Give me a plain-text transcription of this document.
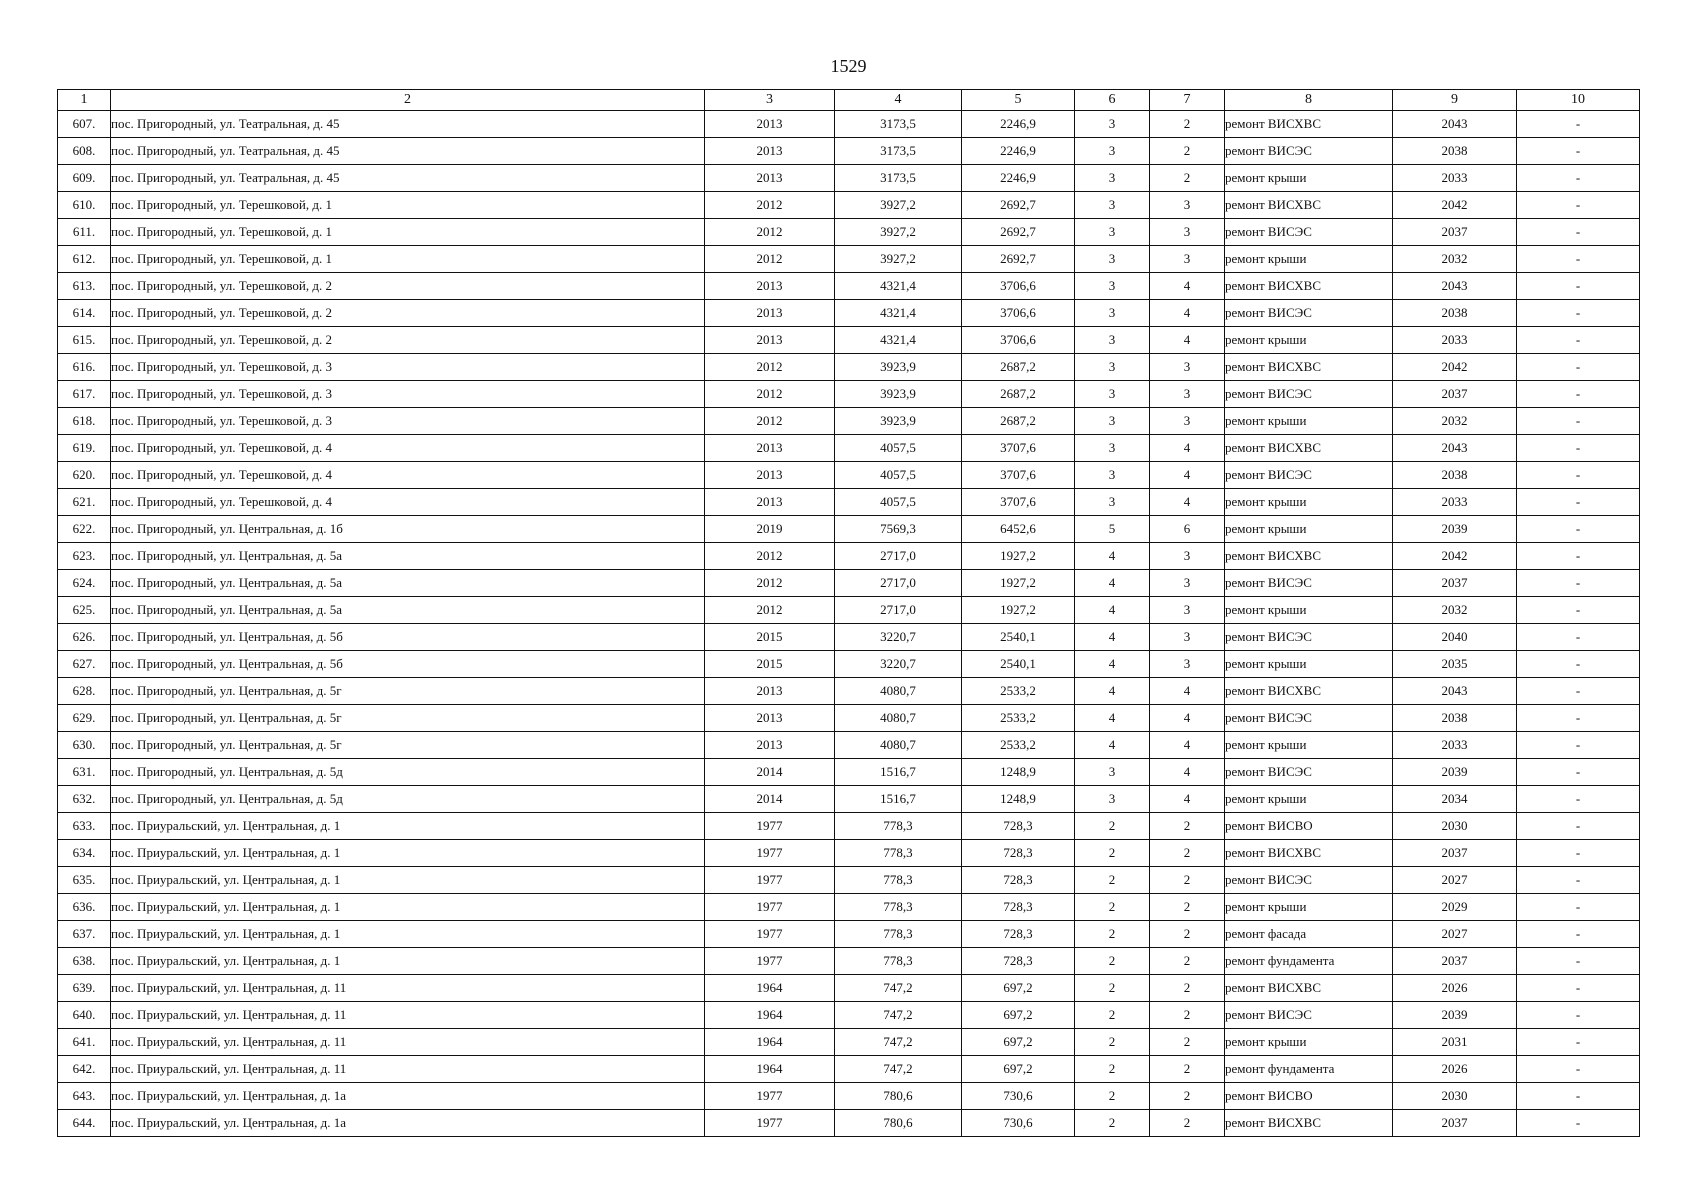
1529
1	2	3	4	5	6	7	8	9	10
607.	пос. Пригородный, ул. Театральная, д. 45	2013	3173,5	2246,9	3	2	ремонт ВИСХВС	2043	-
608.	пос. Пригородный, ул. Театральная, д. 45	2013	3173,5	2246,9	3	2	ремонт ВИСЭС	2038	-
609.	пос. Пригородный, ул. Театральная, д. 45	2013	3173,5	2246,9	3	2	ремонт крыши	2033	-
610.	пос. Пригородный, ул. Терешковой, д. 1	2012	3927,2	2692,7	3	3	ремонт ВИСХВС	2042	-
611.	пос. Пригородный, ул. Терешковой, д. 1	2012	3927,2	2692,7	3	3	ремонт ВИСЭС	2037	-
612.	пос. Пригородный, ул. Терешковой, д. 1	2012	3927,2	2692,7	3	3	ремонт крыши	2032	-
613.	пос. Пригородный, ул. Терешковой, д. 2	2013	4321,4	3706,6	3	4	ремонт ВИСХВС	2043	-
614.	пос. Пригородный, ул. Терешковой, д. 2	2013	4321,4	3706,6	3	4	ремонт ВИСЭС	2038	-
615.	пос. Пригородный, ул. Терешковой, д. 2	2013	4321,4	3706,6	3	4	ремонт крыши	2033	-
616.	пос. Пригородный, ул. Терешковой, д. 3	2012	3923,9	2687,2	3	3	ремонт ВИСХВС	2042	-
617.	пос. Пригородный, ул. Терешковой, д. 3	2012	3923,9	2687,2	3	3	ремонт ВИСЭС	2037	-
618.	пос. Пригородный, ул. Терешковой, д. 3	2012	3923,9	2687,2	3	3	ремонт крыши	2032	-
619.	пос. Пригородный, ул. Терешковой, д. 4	2013	4057,5	3707,6	3	4	ремонт ВИСХВС	2043	-
620.	пос. Пригородный, ул. Терешковой, д. 4	2013	4057,5	3707,6	3	4	ремонт ВИСЭС	2038	-
621.	пос. Пригородный, ул. Терешковой, д. 4	2013	4057,5	3707,6	3	4	ремонт крыши	2033	-
622.	пос. Пригородный, ул. Центральная, д. 1б	2019	7569,3	6452,6	5	6	ремонт крыши	2039	-
623.	пос. Пригородный, ул. Центральная, д. 5а	2012	2717,0	1927,2	4	3	ремонт ВИСХВС	2042	-
624.	пос. Пригородный, ул. Центральная, д. 5а	2012	2717,0	1927,2	4	3	ремонт ВИСЭС	2037	-
625.	пос. Пригородный, ул. Центральная, д. 5а	2012	2717,0	1927,2	4	3	ремонт крыши	2032	-
626.	пос. Пригородный, ул. Центральная, д. 5б	2015	3220,7	2540,1	4	3	ремонт ВИСЭС	2040	-
627.	пос. Пригородный, ул. Центральная, д. 5б	2015	3220,7	2540,1	4	3	ремонт крыши	2035	-
628.	пос. Пригородный, ул. Центральная, д. 5г	2013	4080,7	2533,2	4	4	ремонт ВИСХВС	2043	-
629.	пос. Пригородный, ул. Центральная, д. 5г	2013	4080,7	2533,2	4	4	ремонт ВИСЭС	2038	-
630.	пос. Пригородный, ул. Центральная, д. 5г	2013	4080,7	2533,2	4	4	ремонт крыши	2033	-
631.	пос. Пригородный, ул. Центральная, д. 5д	2014	1516,7	1248,9	3	4	ремонт ВИСЭС	2039	-
632.	пос. Пригородный, ул. Центральная, д. 5д	2014	1516,7	1248,9	3	4	ремонт крыши	2034	-
633.	пос. Приуральский, ул. Центральная, д. 1	1977	778,3	728,3	2	2	ремонт ВИСВО	2030	-
634.	пос. Приуральский, ул. Центральная, д. 1	1977	778,3	728,3	2	2	ремонт ВИСХВС	2037	-
635.	пос. Приуральский, ул. Центральная, д. 1	1977	778,3	728,3	2	2	ремонт ВИСЭС	2027	-
636.	пос. Приуральский, ул. Центральная, д. 1	1977	778,3	728,3	2	2	ремонт крыши	2029	-
637.	пос. Приуральский, ул. Центральная, д. 1	1977	778,3	728,3	2	2	ремонт фасада	2027	-
638.	пос. Приуральский, ул. Центральная, д. 1	1977	778,3	728,3	2	2	ремонт фундамента	2037	-
639.	пос. Приуральский, ул. Центральная, д. 11	1964	747,2	697,2	2	2	ремонт ВИСХВС	2026	-
640.	пос. Приуральский, ул. Центральная, д. 11	1964	747,2	697,2	2	2	ремонт ВИСЭС	2039	-
641.	пос. Приуральский, ул. Центральная, д. 11	1964	747,2	697,2	2	2	ремонт крыши	2031	-
642.	пос. Приуральский, ул. Центральная, д. 11	1964	747,2	697,2	2	2	ремонт фундамента	2026	-
643.	пос. Приуральский, ул. Центральная, д. 1а	1977	780,6	730,6	2	2	ремонт ВИСВО	2030	-
644.	пос. Приуральский, ул. Центральная, д. 1а	1977	780,6	730,6	2	2	ремонт ВИСХВС	2037	-
